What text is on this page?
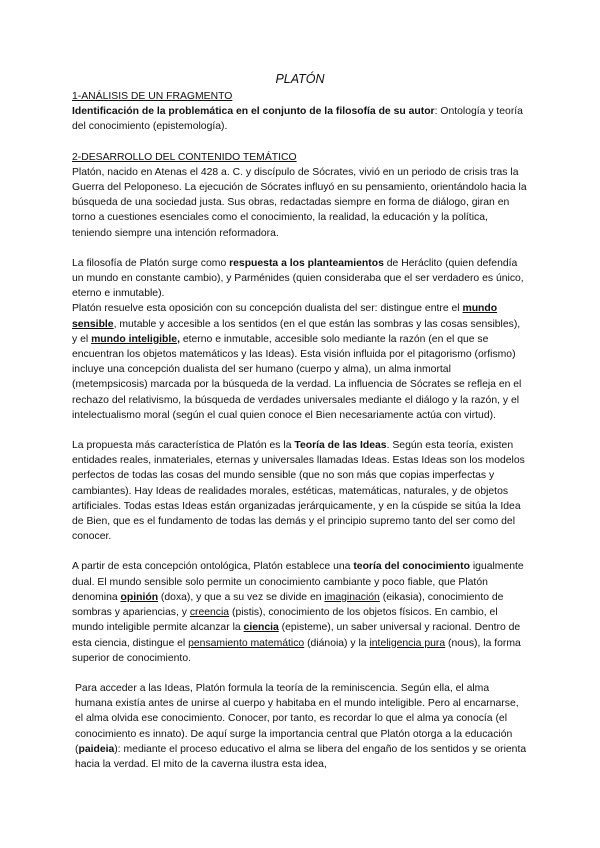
PLATÓN

1-ANÁLISIS DE UN FRAGMENTO

Identificación de la problemática en el conjunto de la filosofía de su autor: Ontología y teoría del conocimiento (epistemología).

2-DESARROLLO DEL CONTENIDO TEMÁTICO

Platón, nacido en Atenas el 428 a. C. y discípulo de Sócrates, vivió en un periodo de crisis tras la Guerra del Peloponeso. La ejecución de Sócrates influyó en su pensamiento, orientándolo hacia la búsqueda de una sociedad justa. Sus obras, redactadas siempre en forma de diálogo, giran en torno a cuestiones esenciales como el conocimiento, la realidad, la educación y la política, teniendo siempre una intención reformadora.

La filosofía de Platón surge como respuesta a los planteamientos de Heráclito (quien defendía un mundo en constante cambio), y Parménides (quien consideraba que el ser verdadero es único, eterno e inmutable).

Platón resuelve esta oposición con su concepción dualista del ser: distingue entre el mundo sensible, mutable y accesible a los sentidos (en el que están las sombras y las cosas sensibles), y el mundo inteligible, eterno e inmutable, accesible solo mediante la razón (en el que se encuentran los objetos matemáticos y las Ideas). Esta visión influida por el pitagorismo (orfismo) incluye una concepción dualista del ser humano (cuerpo y alma), un alma inmortal (metempsicosis) marcada por la búsqueda de la verdad. La influencia de Sócrates se refleja en el rechazo del relativismo, la búsqueda de verdades universales mediante el diálogo y la razón, y el intelectualismo moral (según el cual quien conoce el Bien necesariamente actúa con virtud).

La propuesta más característica de Platón es la Teoría de las Ideas. Según esta teoría, existen entidades reales, inmateriales, eternas y universales llamadas Ideas. Estas Ideas son los modelos perfectos de todas las cosas del mundo sensible (que no son más que copias imperfectas y cambiantes). Hay Ideas de realidades morales, estéticas, matemáticas, naturales, y de objetos artificiales. Todas estas Ideas están organizadas jerárquicamente, y en la cúspide se sitúa la Idea de Bien, que es el fundamento de todas las demás y el principio supremo tanto del ser como del conocer.

A partir de esta concepción ontológica, Platón establece una teoría del conocimiento igualmente dual. El mundo sensible solo permite un conocimiento cambiante y poco fiable, que Platón denomina opinión (doxa), y que a su vez se divide en imaginación (eikasia), conocimiento de sombras y apariencias, y creencia (pistis), conocimiento de los objetos físicos. En cambio, el mundo inteligible permite alcanzar la ciencia (episteme), un saber universal y racional. Dentro de esta ciencia, distingue el pensamiento matemático (diánoia) y la inteligencia pura (nous), la forma superior de conocimiento.

Para acceder a las Ideas, Platón formula la teoría de la reminiscencia. Según ella, el alma humana existía antes de unirse al cuerpo y habitaba en el mundo inteligible. Pero al encarnarse, el alma olvida ese conocimiento. Conocer, por tanto, es recordar lo que el alma ya conocía (el conocimiento es innato). De aquí surge la importancia central que Platón otorga a la educación (paideia): mediante el proceso educativo el alma se libera del engaño de los sentidos y se orienta hacia la verdad. El mito de la caverna ilustra esta idea,
